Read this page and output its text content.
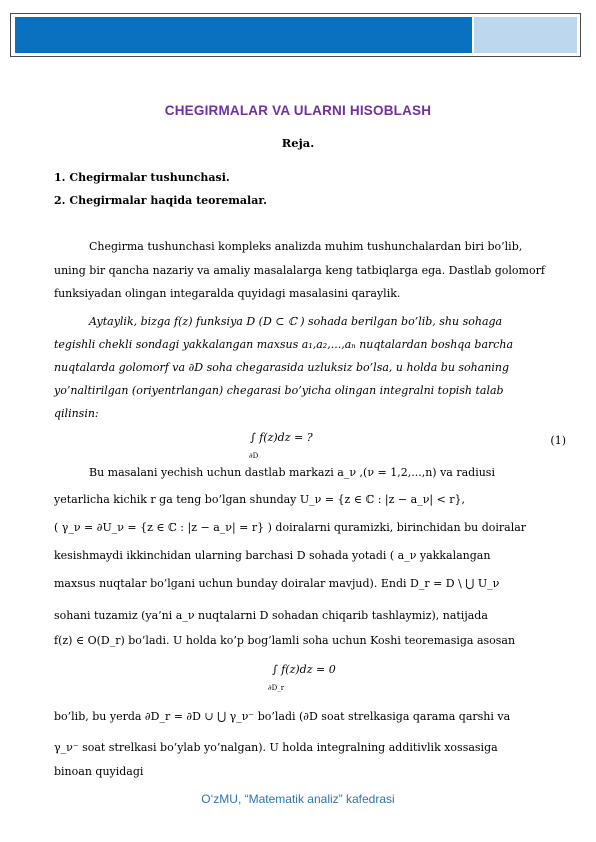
CHEGIRMALAR VA ULARNI HISOBLASH
Reja.
1. Chegirmalar tushunchasi.
2. Chegirmalar haqida teoremalar.
Chegirma tushunchasi kompleks analizda muhim tushunchalardan biri bo’lib, uning bir qancha nazariy va amaliy masalalarga keng tatbiqlarga ega. Dastlab golomorf funksiyadan olingan integaralda quyidagi masalasini qaraylik.
Aytaylik, bizga f(z) funksiya D (D ⊂ ℂ ) sohada berilgan bo’lib, shu sohaga
tegishli chekli sondagi yakkalangan maxsus a₁,a₂,...,aₙ nuqtalardan boshqa barcha
nuqtalarda golomorf va ∂D soha chegarasida uzluksiz bo’lsa, u holda bu sohaning
yo’naltirilgan (oriyentrlangan) chegarasi bo’yicha olingan integralni topish talab
qilinsin:
∫ f(z)dz = ?
∂D
(1)
Bu masalani yechish uchun dastlab markazi a_ν ,(ν = 1,2,...,n) va radiusi
yetarlicha kichik r ga teng bo’lgan shunday U_ν = {z ∈ ℂ : |z − a_ν| < r},
( γ_ν = ∂U_ν = {z ∈ ℂ : |z − a_ν| = r} ) doiralarni quramizki, birinchidan bu doiralar
kesishmaydi ikkinchidan ularning barchasi D sohada yotadi ( a_ν yakkalangan
maxsus nuqtalar bo’lgani uchun bunday doiralar mavjud). Endi D_r = D \ ⋃ U_ν
sohani tuzamiz (ya’ni a_ν nuqtalarni D sohadan chiqarib tashlaymiz), natijada
f(z) ∈ O(D_r) bo’ladi. U holda ko’p bog’lamli soha uchun Koshi teoremasiga asosan
∫ f(z)dz = 0
∂D_r
bo’lib, bu yerda ∂D_r = ∂D ∪ ⋃ γ_ν⁻ bo’ladi (∂D soat strelkasiga qarama qarshi va
γ_ν⁻ soat strelkasi bo’ylab yo’nalgan). U holda integralning additivlik xossasiga
binoan quyidagi
O‘zMU, “Matematik analiz” kafedrasi
